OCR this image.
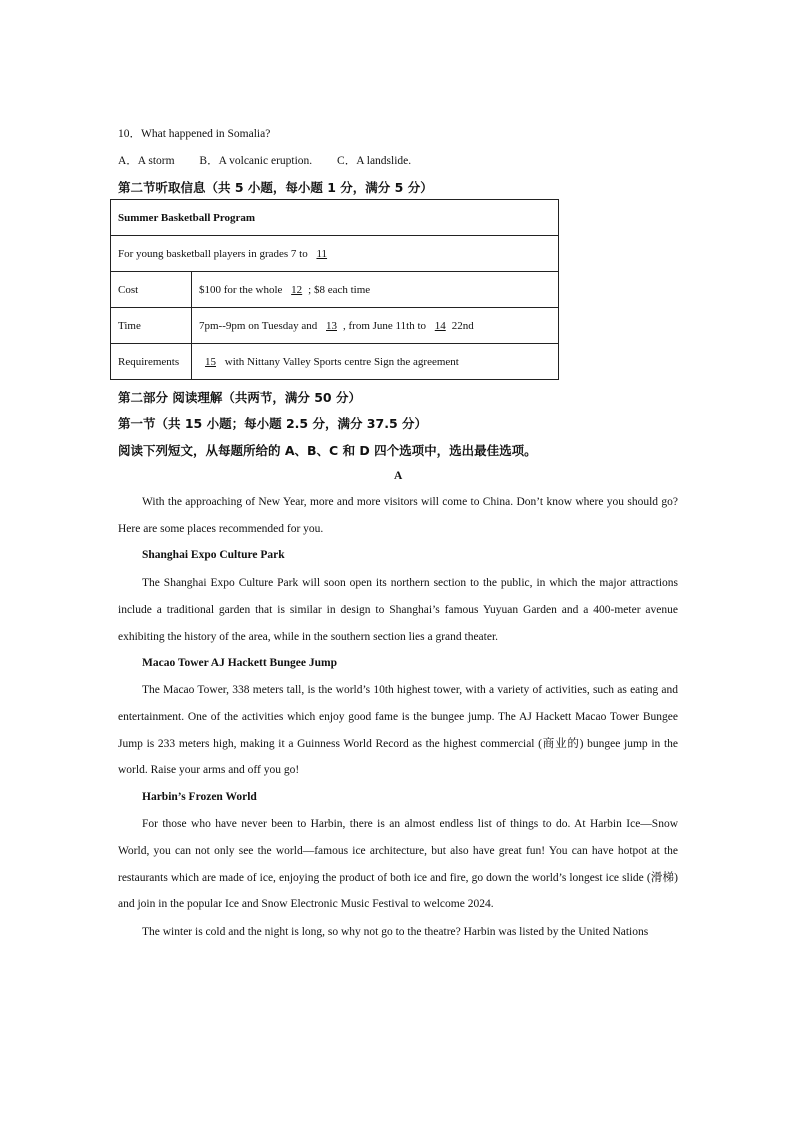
10．What happened in Somalia?
A．A storm B．A volcanic eruption. C．A landslide.
第二节听取信息（共 5 小题，每小题 1 分，满分 5 分）
Summer Basketball Program	
For young basketball players in grades 7 to 11	
Cost	$100 for the whole 12 ; $8 each time
Time	7pm--9pm on Tuesday and 13 , from June 11th to 14 22nd
Requirements	15 with Nittany Valley Sports centre Sign the agreement
第二部分 阅读理解（共两节，满分 50 分）
第一节（共 15 小题；每小题 2.5 分，满分 37.5 分）
阅读下列短文，从每题所给的 A、B、C 和 D 四个选项中，选出最佳选项。
A
With the approaching of New Year, more and more visitors will come to China. Don’t know where you should go? Here are some places recommended for you.
Shanghai Expo Culture Park
The Shanghai Expo Culture Park will soon open its northern section to the public, in which the major attractions include a traditional garden that is similar in design to Shanghai’s famous Yuyuan Garden and a 400-meter avenue exhibiting the history of the area, while in the southern section lies a grand theater.
Macao Tower AJ Hackett Bungee Jump
The Macao Tower, 338 meters tall, is the world’s 10th highest tower, with a variety of activities, such as eating and entertainment. One of the activities which enjoy good fame is the bungee jump. The AJ Hackett Macao Tower Bungee Jump is 233 meters high, making it a Guinness World Record as the highest commercial (商业的) bungee jump in the world. Raise your arms and off you go!
Harbin’s Frozen World
For those who have never been to Harbin, there is an almost endless list of things to do. At Harbin Ice—Snow World, you can not only see the world—famous ice architecture, but also have great fun! You can have hotpot at the restaurants which are made of ice, enjoying the product of both ice and fire, go down the world’s longest ice slide (滑梯) and join in the popular Ice and Snow Electronic Music Festival to welcome 2024.
The winter is cold and the night is long, so why not go to the theatre? Harbin was listed by the United Nations
